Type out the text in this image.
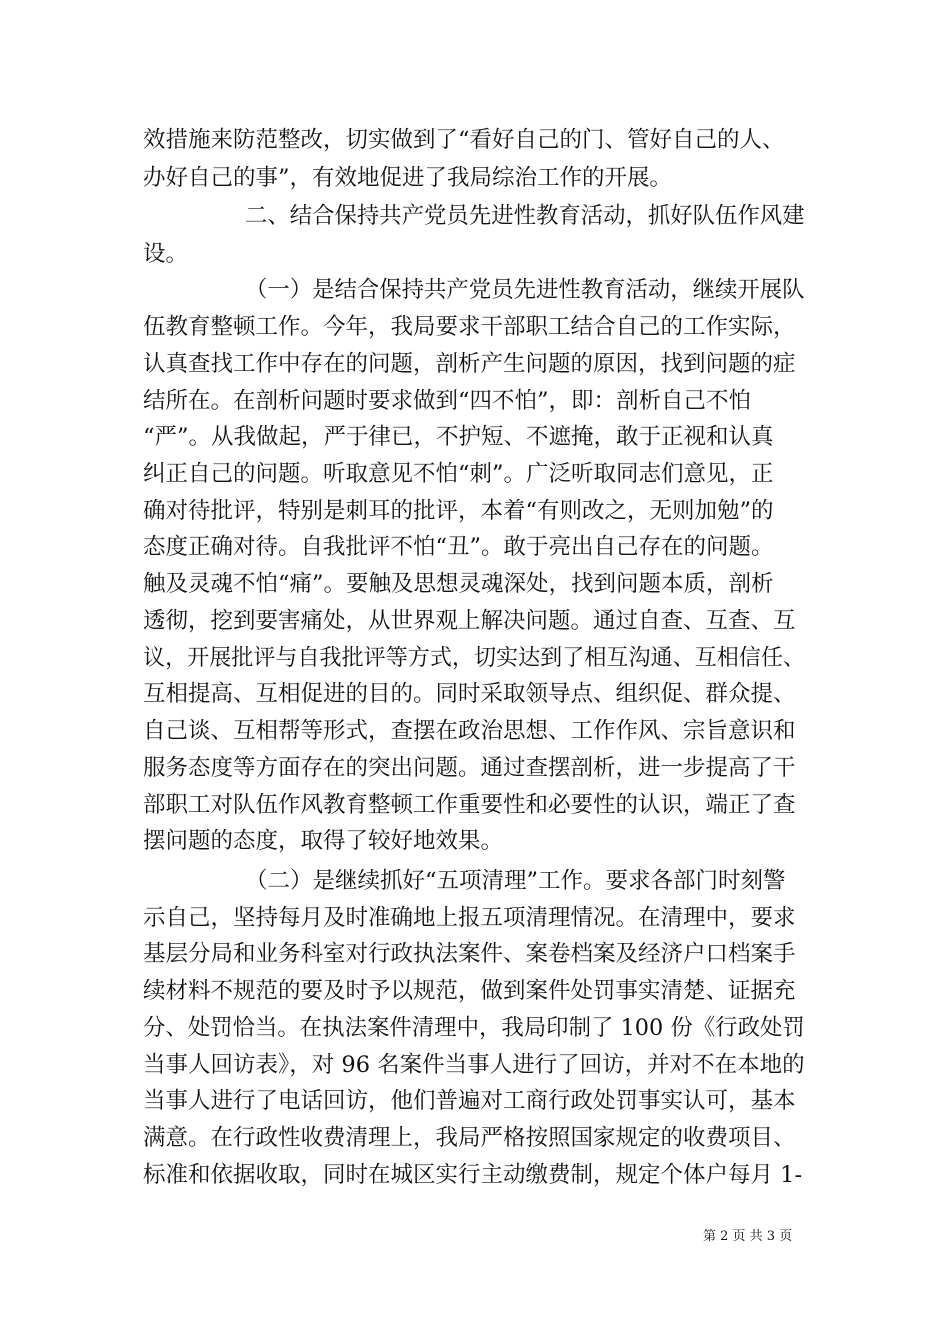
效措施来防范整改，切实做到了“看好自己的门、管好自己的人、
办好自己的事”，有效地促进了我局综治工作的开展。
二、结合保持共产党员先进性教育活动，抓好队伍作风建
设。
（一）是结合保持共产党员先进性教育活动，继续开展队
伍教育整顿工作。今年，我局要求干部职工结合自己的工作实际，
认真查找工作中存在的问题，剖析产生问题的原因，找到问题的症
结所在。在剖析问题时要求做到“四不怕”，即：剖析自己不怕
“严”。从我做起，严于律已，不护短、不遮掩，敢于正视和认真
纠正自己的问题。听取意见不怕“刺”。广泛听取同志们意见，正
确对待批评，特别是刺耳的批评，本着“有则改之，无则加勉”的
态度正确对待。自我批评不怕“丑”。敢于亮出自己存在的问题。
触及灵魂不怕“痛”。要触及思想灵魂深处，找到问题本质，剖析
透彻，挖到要害痛处，从世界观上解决问题。通过自查、互查、互
议，开展批评与自我批评等方式，切实达到了相互沟通、互相信任、
互相提高、互相促进的目的。同时采取领导点、组织促、群众提、
自己谈、互相帮等形式，查摆在政治思想、工作作风、宗旨意识和
服务态度等方面存在的突出问题。通过查摆剖析，进一步提高了干
部职工对队伍作风教育整顿工作重要性和必要性的认识，端正了查
摆问题的态度，取得了较好地效果。
（二）是继续抓好“五项清理”工作。要求各部门时刻警
示自己，坚持每月及时准确地上报五项清理情况。在清理中，要求
基层分局和业务科室对行政执法案件、案卷档案及经济户口档案手
续材料不规范的要及时予以规范，做到案件处罚事实清楚、证据充
分、处罚恰当。在执法案件清理中，我局印制了 100 份《行政处罚
当事人回访表》，对 96 名案件当事人进行了回访，并对不在本地的
当事人进行了电话回访，他们普遍对工商行政处罚事实认可，基本
满意。在行政性收费清理上，我局严格按照国家规定的收费项目、
标准和依据收取，同时在城区实行主动缴费制，规定个体户每月 1-
第 2 页 共 3 页
